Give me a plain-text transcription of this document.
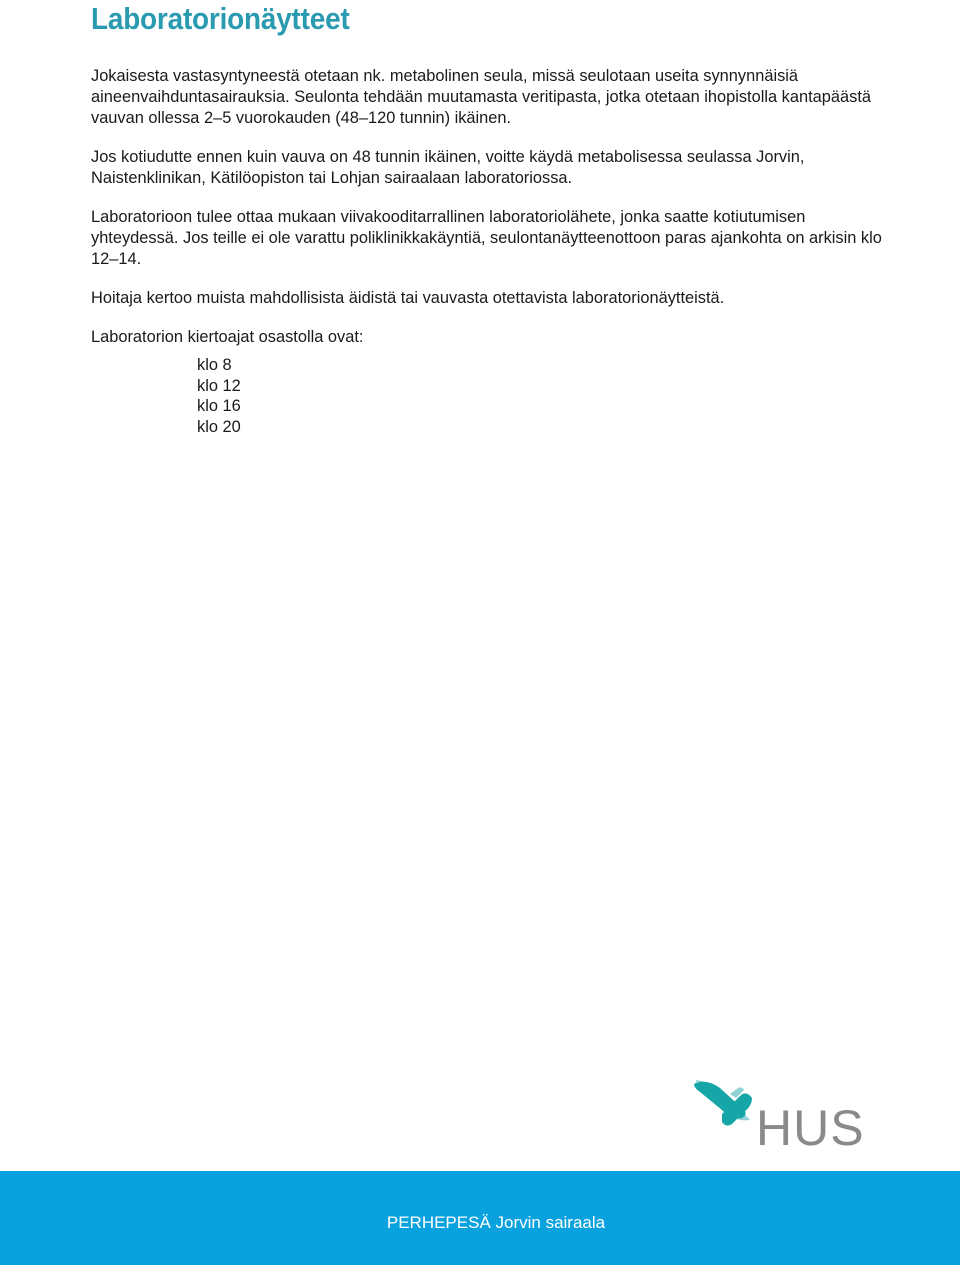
Laboratorionäytteet

Jokaisesta vastasyntyneestä otetaan nk. metabolinen seula, missä seulotaan useita synnynnäisiä aineenvaihduntasairauksia. Seulonta tehdään muutamasta veritipasta, jotka otetaan ihopistolla kantapäästä vauvan ollessa 2–5 vuorokauden (48–120 tunnin) ikäinen.

Jos kotiudutte ennen kuin vauva on 48 tunnin ikäinen, voitte käydä metabolisessa seulassa Jorvin, Naistenklinikan, Kätilöopiston tai Lohjan sairaalaan laboratoriossa.

Laboratorioon tulee ottaa mukaan viivakooditarrallinen laboratoriolähete, jonka saatte kotiutumisen yhteydessä. Jos teille ei ole varattu poliklinikkakäyntiä, seulontanäytteenottoon paras ajankohta on arkisin klo 12–14.

Hoitaja kertoo muista mahdollisista äidistä tai vauvasta otettavista laboratorionäytteistä.

Laboratorion kiertoajat osastolla ovat:

klo 8
klo 12
klo 16
klo 20
HUS
PERHEPESÄ Jorvin sairaala
